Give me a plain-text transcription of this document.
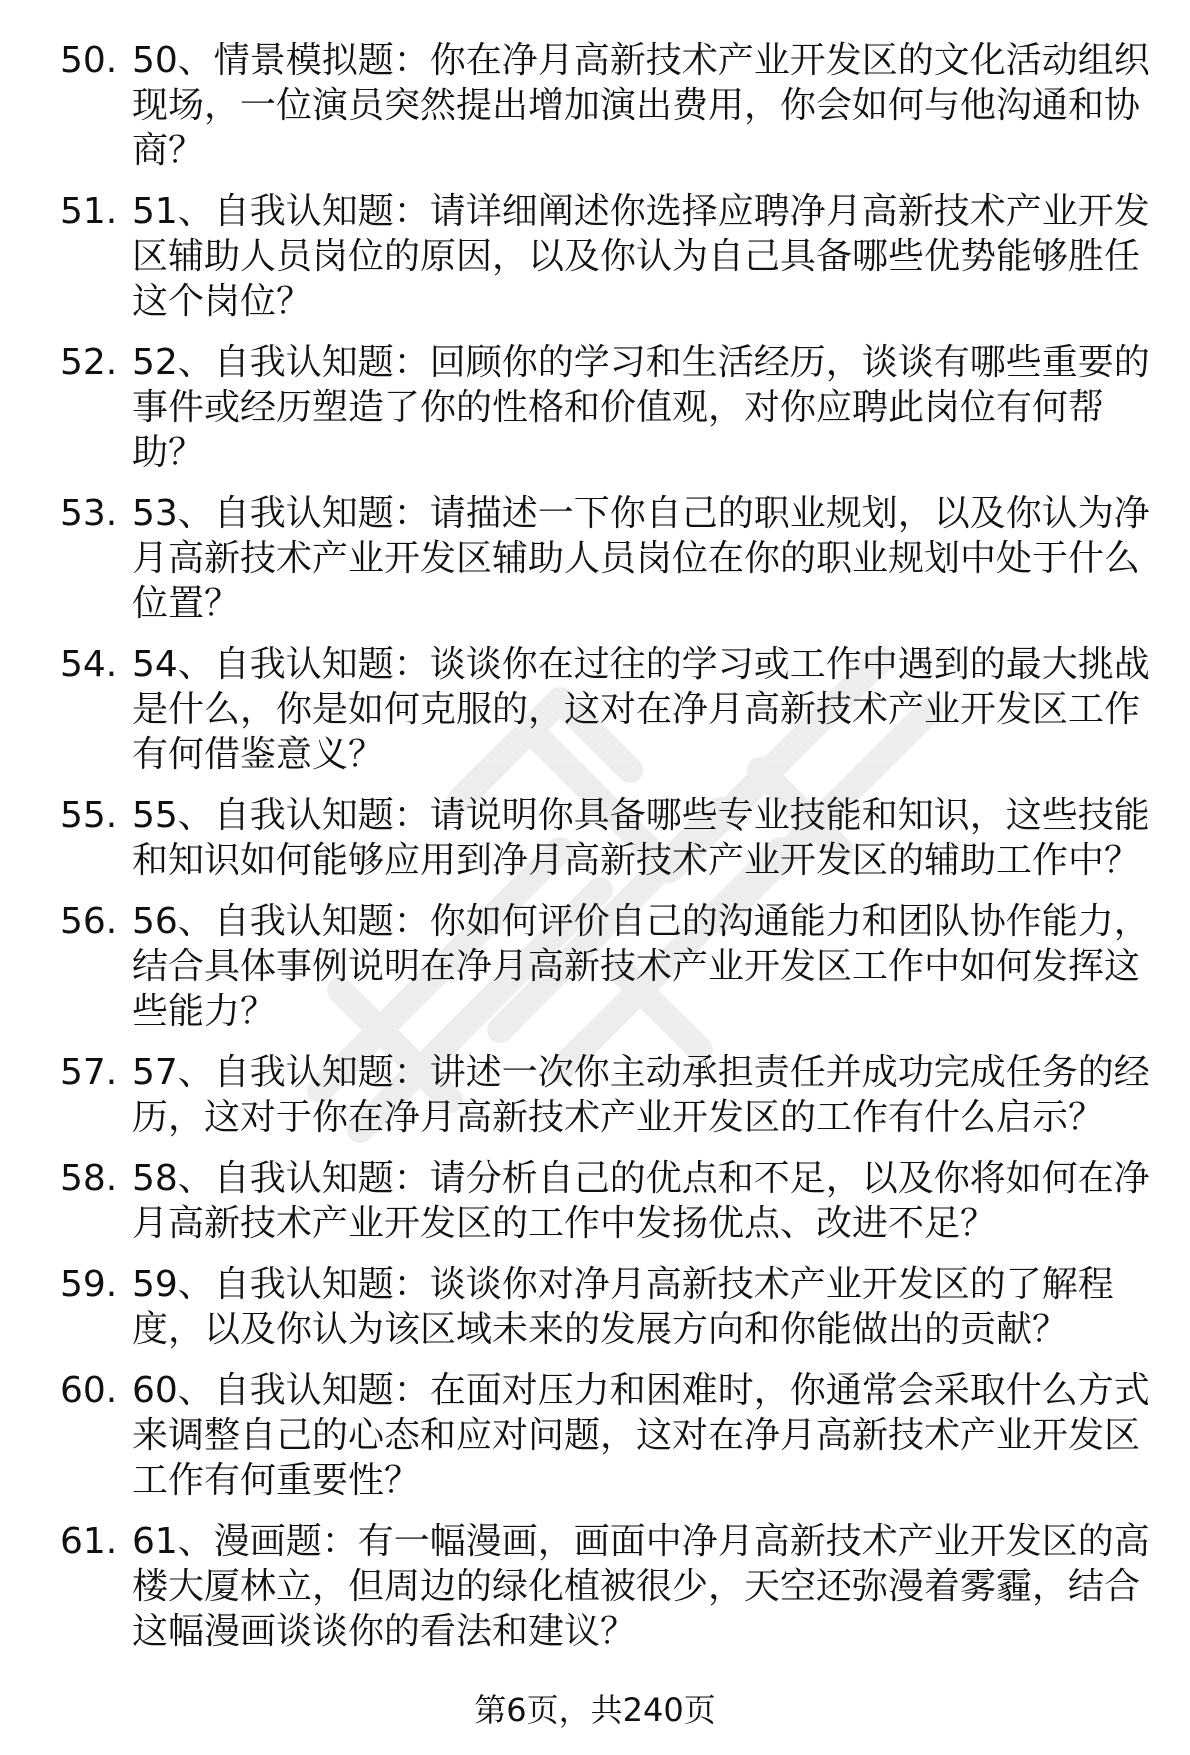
50. 50、情景模拟题：你在净月高新技术产业开发区的文化活动组织现场，一位演员突然提出增加演出费用，你会如何与他沟通和协商？
51. 51、自我认知题：请详细阐述你选择应聘净月高新技术产业开发区辅助人员岗位的原因，以及你认为自己具备哪些优势能够胜任这个岗位？
52. 52、自我认知题：回顾你的学习和生活经历，谈谈有哪些重要的事件或经历塑造了你的性格和价值观，对你应聘此岗位有何帮助？
53. 53、自我认知题：请描述一下你自己的职业规划，以及你认为净月高新技术产业开发区辅助人员岗位在你的职业规划中处于什么位置？
54. 54、自我认知题：谈谈你在过往的学习或工作中遇到的最大挑战是什么，你是如何克服的，这对在净月高新技术产业开发区工作有何借鉴意义？
55. 55、自我认知题：请说明你具备哪些专业技能和知识，这些技能和知识如何能够应用到净月高新技术产业开发区的辅助工作中？
56. 56、自我认知题：你如何评价自己的沟通能力和团队协作能力，结合具体事例说明在净月高新技术产业开发区工作中如何发挥这些能力？
57. 57、自我认知题：讲述一次你主动承担责任并成功完成任务的经历，这对于你在净月高新技术产业开发区的工作有什么启示？
58. 58、自我认知题：请分析自己的优点和不足，以及你将如何在净月高新技术产业开发区的工作中发扬优点、改进不足？
59. 59、自我认知题：谈谈你对净月高新技术产业开发区的了解程度，以及你认为该区域未来的发展方向和你能做出的贡献？
60. 60、自我认知题：在面对压力和困难时，你通常会采取什么方式来调整自己的心态和应对问题，这对在净月高新技术产业开发区工作有何重要性？
61. 61、漫画题：有一幅漫画，画面中净月高新技术产业开发区的高楼大厦林立，但周边的绿化植被很少，天空还弥漫着雾霾，结合这幅漫画谈谈你的看法和建议？
第6页，共240页
